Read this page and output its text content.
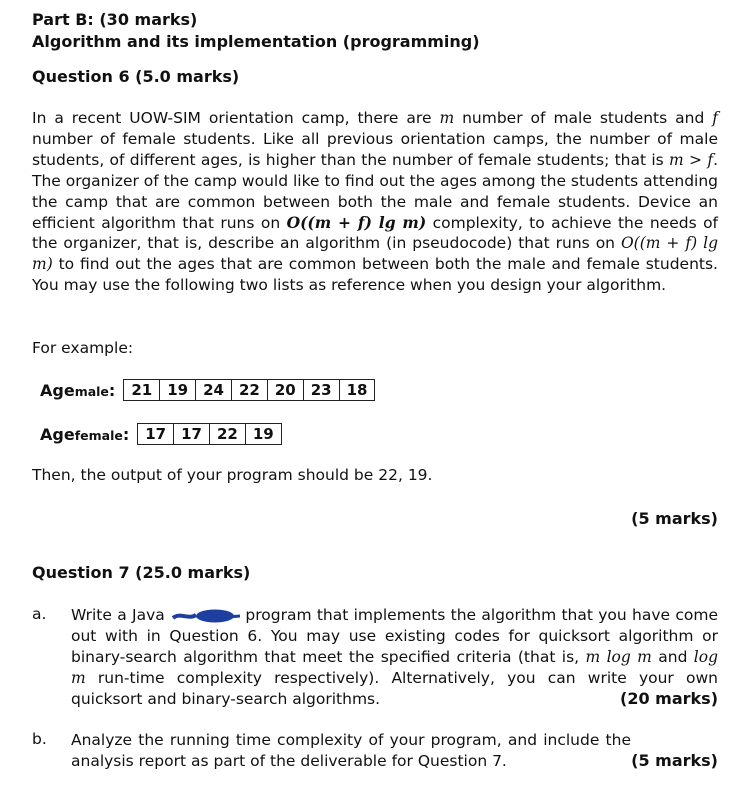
Part B: (30 marks)
Algorithm and its implementation (programming)
Question 6 (5.0 marks)
In a recent UOW-SIM orientation camp, there are m number of male students and f number of female students. Like all previous orientation camps, the number of male students, of different ages, is higher than the number of female students; that is m > f. The organizer of the camp would like to find out the ages among the students attending the camp that are common between both the male and female students. Device an efficient algorithm that runs on O((m + f) lg m) complexity, to achieve the needs of the organizer, that is, describe an algorithm (in pseudocode) that runs on O((m + f) lg m) to find out the ages that are common between both the male and female students. You may use the following two lists as reference when you design your algorithm.
For example:
Agemale: 21	19	24	22	20	23	18
Agefemale: 17	17	22	19
Then, the output of your program should be 22, 19.
(5 marks)
Question 7 (25.0 marks)
a. Write a Java	program that implements the algorithm that you have come out with in Question 6. You may use existing codes for quicksort algorithm or binary-search algorithm that meet the specified criteria (that is, m log m and log m run-time complexity respectively). Alternatively, you can write your own quicksort and binary-search algorithms.	(20 marks)
b. Analyze the running time complexity of your program, and include the analysis report as part of the deliverable for Question 7.	(5 marks)
